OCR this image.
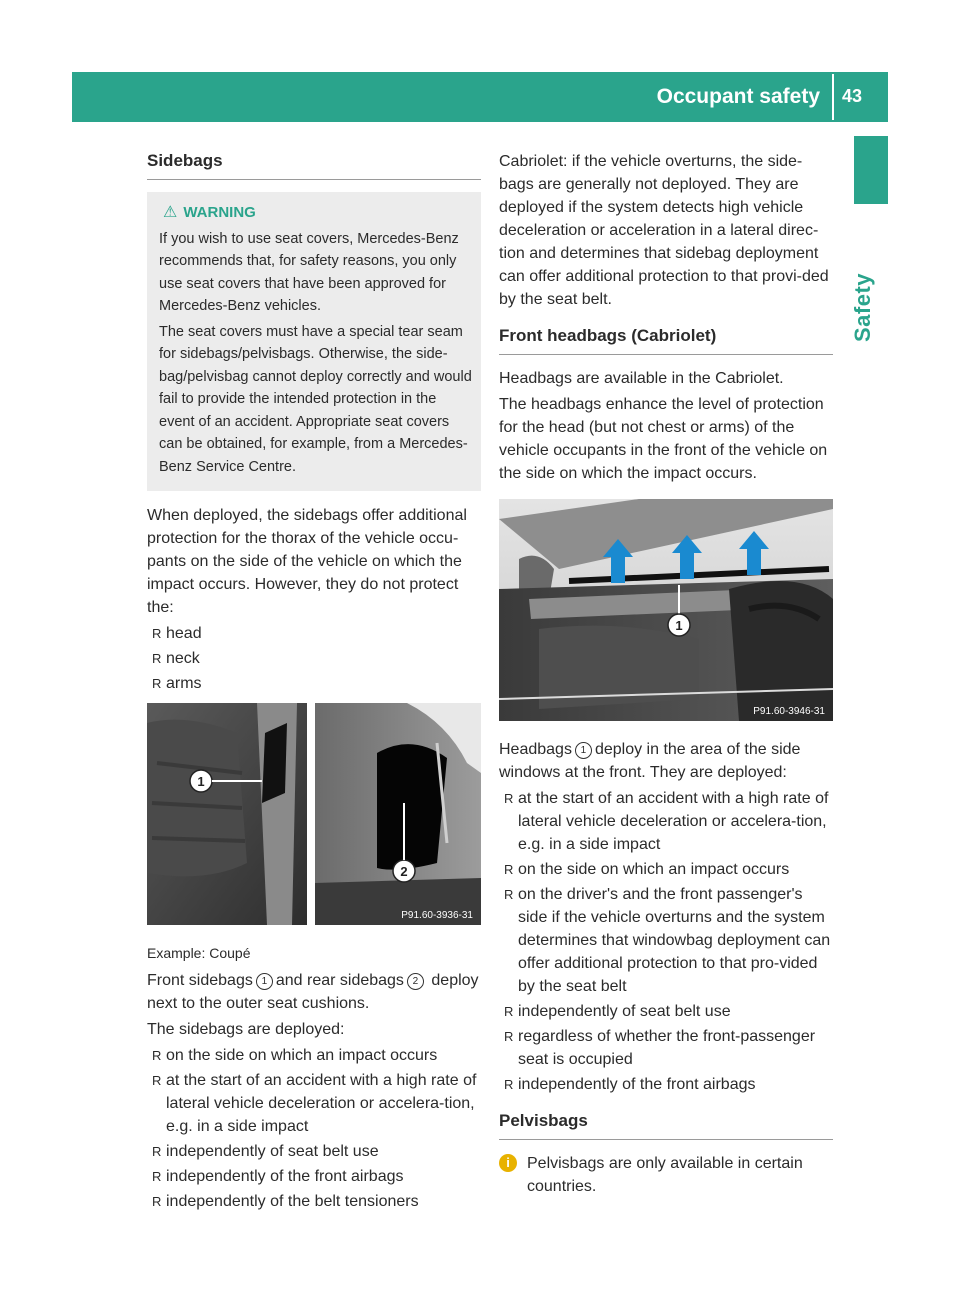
Occupant safety 43
Safety
Sidebags
⚠ WARNING

If you wish to use seat covers, Mercedes-Benz recommends that, for safety reasons, you only use seat covers that have been approved for Mercedes-Benz vehicles.

The seat covers must have a special tear seam for sidebags/pelvisbags. Otherwise, the side-bag/pelvisbag cannot deploy correctly and would fail to provide the intended protection in the event of an accident. Appropriate seat covers can be obtained, for example, from a Mercedes-Benz Service Centre.

When deployed, the sidebags offer additional protection for the thorax of the vehicle occu-pants on the side of the vehicle on which the impact occurs. However, they do not protect the:

R head
R neck
R arms
1
2
P91.60-3936-31
Example: Coupé

Front sidebags 1 and rear sidebags 2 deploy next to the outer seat cushions.

The sidebags are deployed:

R on the side on which an impact occurs
R at the start of an accident with a high rate of lateral vehicle deceleration or accelera-tion, e.g. in a side impact
R independently of seat belt use
R independently of the front airbags
R independently of the belt tensioners

Cabriolet: if the vehicle overturns, the side-bags are generally not deployed. They are deployed if the system detects high vehicle deceleration or acceleration in a lateral direc-tion and determines that sidebag deployment can offer additional protection to that provi-ded by the seat belt.

Front headbags (Cabriolet)

Headbags are available in the Cabriolet.

The headbags enhance the level of protection for the head (but not chest or arms) of the vehicle occupants in the front of the vehicle on the side on which the impact occurs.

1
P91.60-3946-31

Headbags 1 deploy in the area of the side windows at the front. They are deployed:

R at the start of an accident with a high rate of lateral vehicle deceleration or accelera-tion, e.g. in a side impact
R on the side on which an impact occurs
R on the driver's and the front passenger's side if the vehicle overturns and the system determines that windowbag deployment can offer additional protection to that pro-vided by the seat belt
R independently of seat belt use
R regardless of whether the front-passenger seat is occupied
R independently of the front airbags
Pelvisbags
i	Pelvisbags are only available in certain countries.
